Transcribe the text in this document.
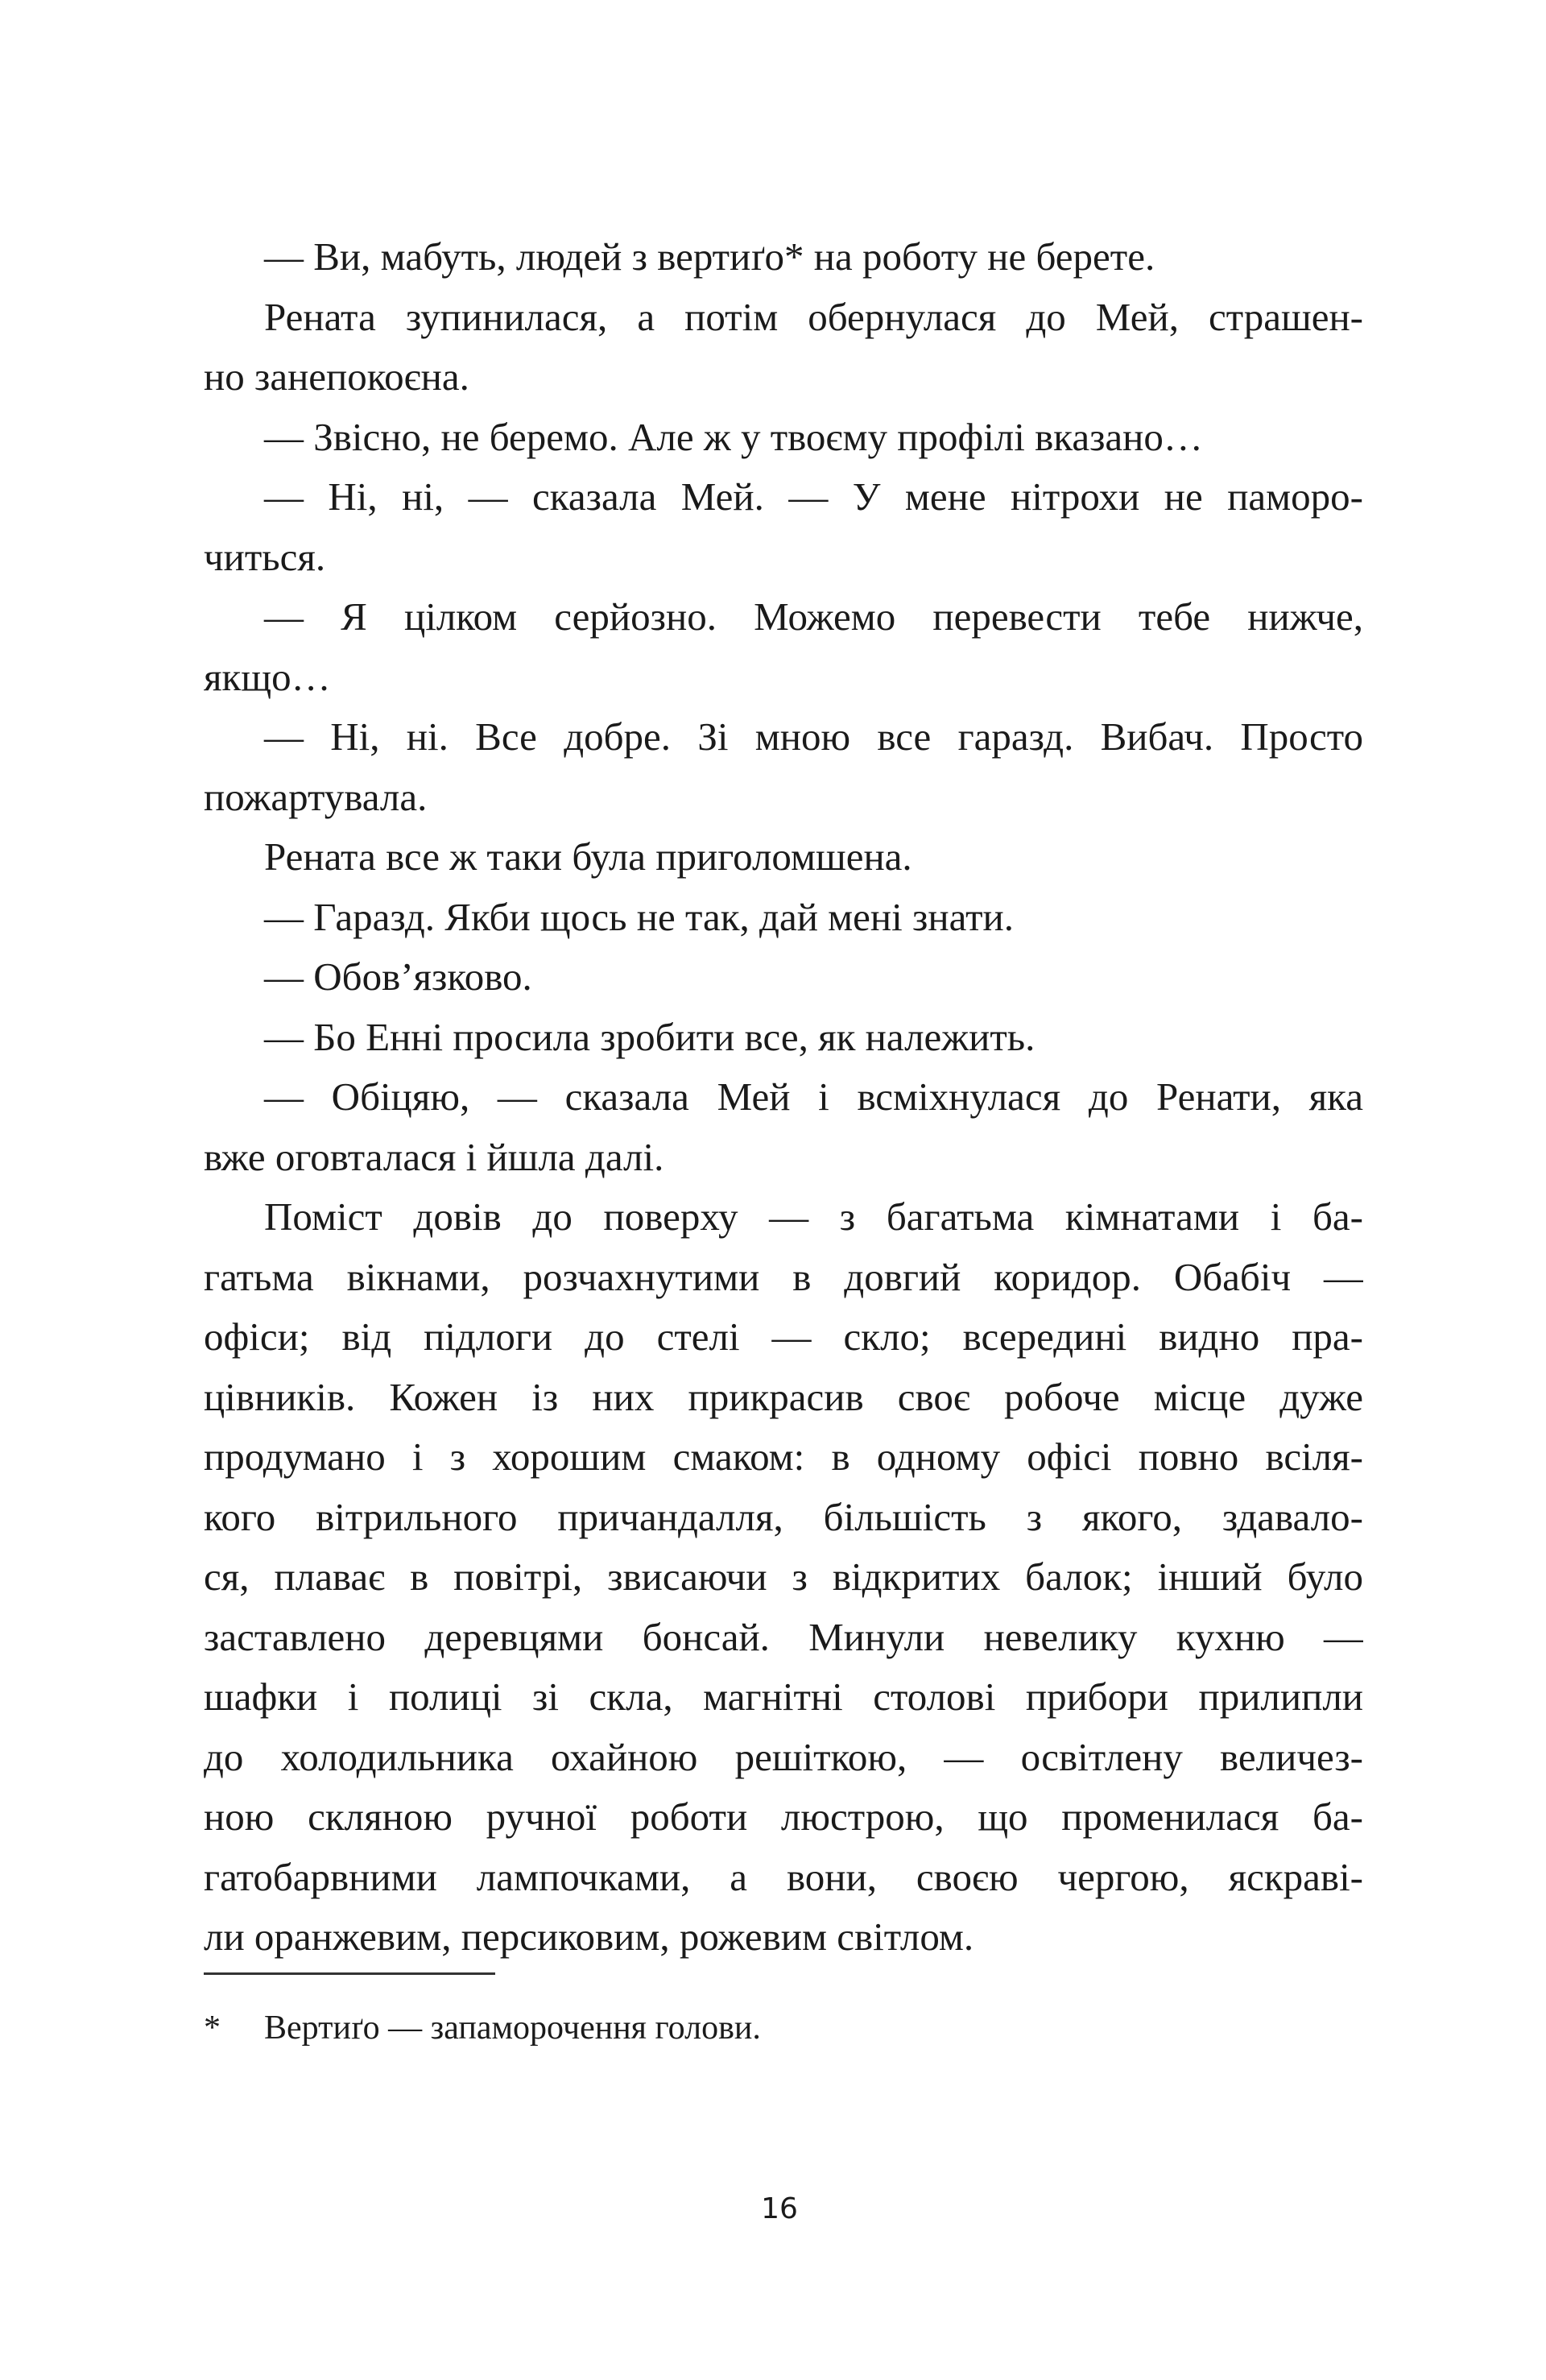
— Ви, мабуть, людей з вертиґо* на роботу не берете.
Рената зупинилася, а потім обернулася до Мей, страшен-
но занепокоєна.
— Звісно, не беремо. Але ж у твоєму профілі вказано…
— Ні, ні, — сказала Мей. — У мене нітрохи не паморо-
читься.
— Я цілком серйозно. Можемо перевести тебе нижче,
якщо…
— Ні, ні. Все добре. Зі мною все гаразд. Вибач. Просто
пожартувала.
Рената все ж таки була приголомшена.
— Гаразд. Якби щось не так, дай мені знати.
— Обов’язково.
— Бо Енні просила зробити все, як належить.
— Обіцяю, — сказала Мей і всміхнулася до Ренати, яка
вже оговталася і йшла далі.
Поміст довів до поверху — з багатьма кімнатами і ба-
гатьма вікнами, розчахнутими в довгий коридор. Обабіч —
офіси; від підлоги до стелі — скло; всередині видно пра-
цівників. Кожен із них прикрасив своє робоче місце дуже
продумано і з хорошим смаком: в одному офісі повно всіля-
кого вітрильного причандалля, більшість з якого, здавало-
ся, плаває в повітрі, звисаючи з відкритих балок; інший було
заставлено деревцями бонсай. Минули невелику кухню —
шафки і полиці зі скла, магнітні столові прибори прилипли
до холодильника охайною решіткою, — освітлену величез-
ною скляною ручної роботи люстрою, що променилася ба-
гатобарвними лампочками, а вони, своєю чергою, яскраві-
ли оранжевим, персиковим, рожевим світлом.
* Вертиґо — запаморочення голови.
16
